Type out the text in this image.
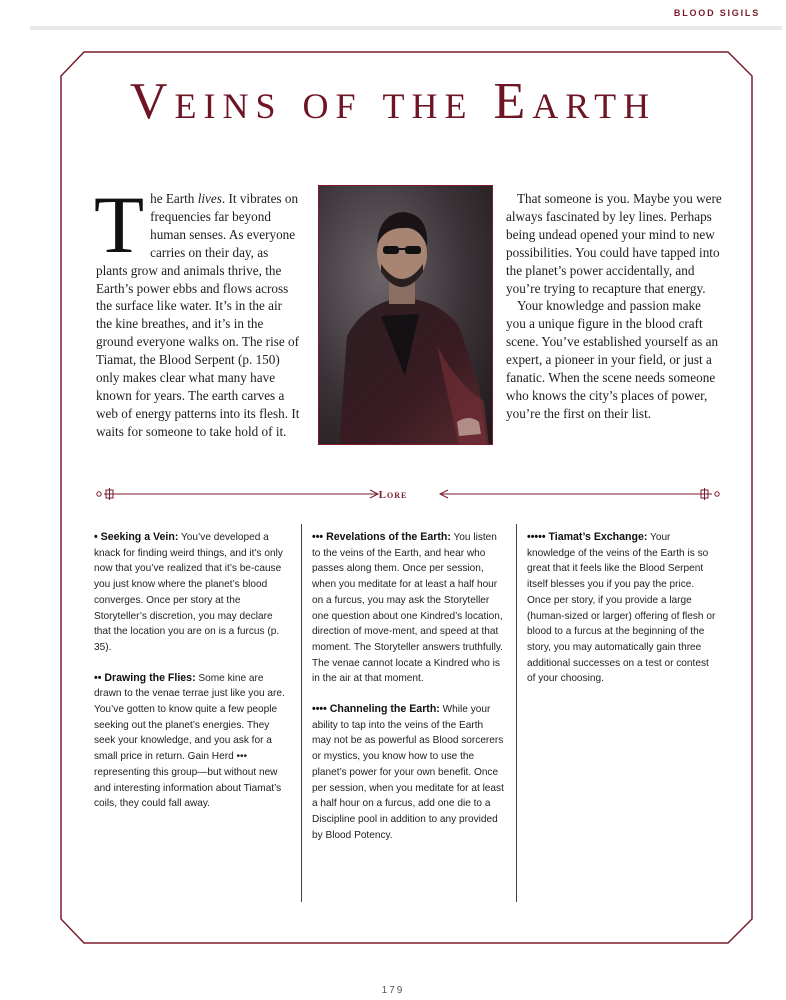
BLOOD SIGILS
Veins of the Earth
The Earth lives. It vibrates on frequencies far beyond human senses. As everyone carries on their day, as plants grow and animals thrive, the Earth’s power ebbs and flows across the surface like water. It’s in the air the kine breathes, and it’s in the ground everyone walks on. The rise of Tiamat, the Blood Serpent (p. 150) only makes clear what many have known for years. The earth carves a web of energy patterns into its flesh. It waits for someone to take hold of it.

That someone is you. Maybe you were always fascinated by ley lines. Perhaps being undead opened your mind to new possibilities. You could have tapped into the planet’s power accidentally, and you’re trying to recapture that energy.

Your knowledge and passion make you a unique figure in the blood craft scene. You’ve established yourself as an expert, a pioneer in your field, or just a fanatic. When the scene needs someone who knows the city’s places of power, you’re the first on their list.

Lore

• Seeking a Vein: You’ve developed a knack for finding weird things, and it’s only now that you’ve realized that it’s be-cause you just know where the planet’s blood converges. Once per story at the Storyteller’s discretion, you may declare that the location you are on is a furcus (p. 35).

•• Drawing the Flies: Some kine are drawn to the venae terrae just like you are. You’ve gotten to know quite a few people seeking out the planet’s energies. They seek your knowledge, and you ask for a small price in return. Gain Herd ••• representing this group—but without new and interesting information about Tiamat’s coils, they could fall away.

••• Revelations of the Earth: You listen to the veins of the Earth, and hear who passes along them. Once per session, when you meditate for at least a half hour on a furcus, you may ask the Storyteller one question about one Kindred’s location, direction of move-ment, and speed at that moment. The Storyteller answers truthfully. The venae cannot locate a Kindred who is in the air at that moment.

•••• Channeling the Earth: While your ability to tap into the veins of the Earth may not be as powerful as Blood sorcerers or mystics, you know how to use the planet’s power for your own benefit. Once per session, when you meditate for at least a half hour on a furcus, add one die to a Discipline pool in addition to any provided by Blood Potency.

••••• Tiamat’s Exchange: Your knowledge of the veins of the Earth is so great that it feels like the Blood Serpent itself blesses you if you pay the price. Once per story, if you provide a large (human-sized or larger) offering of flesh or blood to a furcus at the beginning of the story, you may automatically gain three additional successes on a test or contest of your choosing.

179
